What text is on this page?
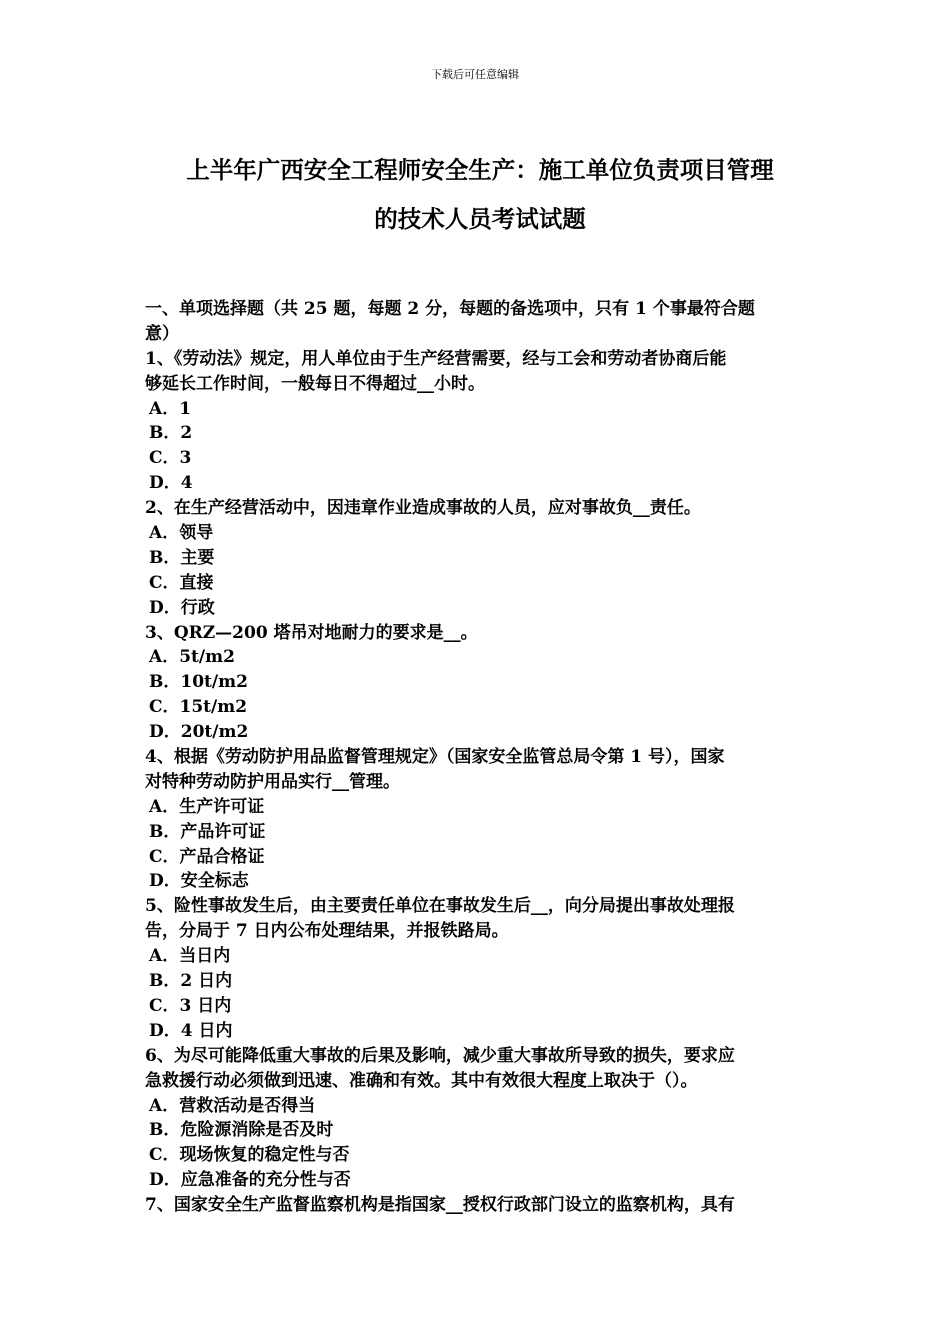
下载后可任意编辑
上半年广西安全工程师安全生产：施工单位负责项目管理
的技术人员考试试题
一、单项选择题（共 25 题，每题 2 分，每题的备选项中，只有 1 个事最符合题
意）
1、《劳动法》规定，用人单位由于生产经营需要，经与工会和劳动者协商后能
够延长工作时间，一般每日不得超过__小时。
A．1
B．2
C．3
D．4
2、在生产经营活动中，因违章作业造成事故的人员，应对事故负__责任。
A．领导
B．主要
C．直接
D．行政
3、QRZ—200 塔吊对地耐力的要求是__。
A．5t/m2
B．10t/m2
C．15t/m2
D．20t/m2
4、根据《劳动防护用品监督管理规定》（国家安全监管总局令第 1 号），国家
对特种劳动防护用品实行__管理。
A．生产许可证
B．产品许可证
C．产品合格证
D．安全标志
5、险性事故发生后，由主要责任单位在事故发生后__，向分局提出事故处理报
告，分局于 7 日内公布处理结果，并报铁路局。
A．当日内
B．2 日内
C．3 日内
D．4 日内
6、为尽可能降低重大事故的后果及影响，减少重大事故所导致的损失，要求应
急救援行动必须做到迅速、准确和有效。其中有效很大程度上取决于（）。
A．营救活动是否得当
B．危险源消除是否及时
C．现场恢复的稳定性与否
D．应急准备的充分性与否
7、国家安全生产监督监察机构是指国家__授权行政部门设立的监察机构，具有
